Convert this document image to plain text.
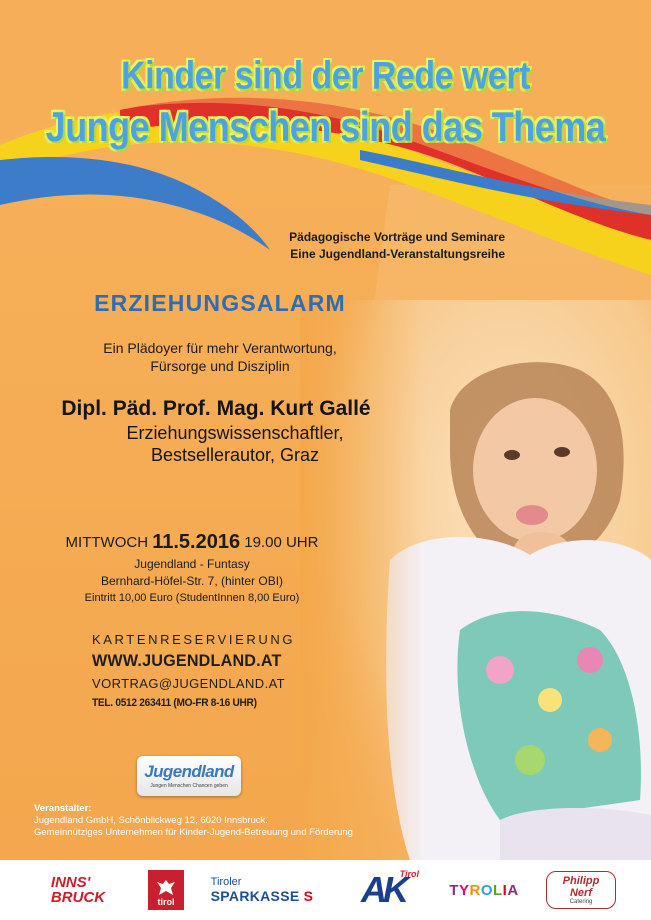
Kinder sind der Rede wert
Junge Menschen sind das Thema
Pädagogische Vorträge und Seminare
Eine Jugendland-Veranstaltungsreihe
ERZIEHUNGSALARM
Ein Plädoyer für mehr Verantwortung,
Fürsorge und Disziplin
Dipl. Päd. Prof. Mag. Kurt Gallé
Erziehungswissenschaftler,
Bestsellerautor, Graz
MITTWOCH 11.5.2016 19.00 UHR
Jugendland - Funtasy
Bernhard-Höfel-Str. 7, (hinter OBI)
Eintritt 10,00 Euro (StudentInnen 8,00 Euro)
KARTENRESERVIERUNG
WWW.JUGENDLAND.AT
VORTRAG@JUGENDLAND.AT
TEL. 0512 263411 (MO-FR 8-16 UHR)
Jugendland
Jungen Menschen Chancen geben
Veranstalter:
Jugendland GmbH, Schönblickweg 12, 6020 Innsbruck.
Gemeinnütziges Unternehmen für Kinder-Jugend-Betreuung und Förderung
INNS'
BRUCK	tirol
Tiroler
SPARKASSE S AK
Tirol
TYROLIA
Philipp Nerf
Catering
